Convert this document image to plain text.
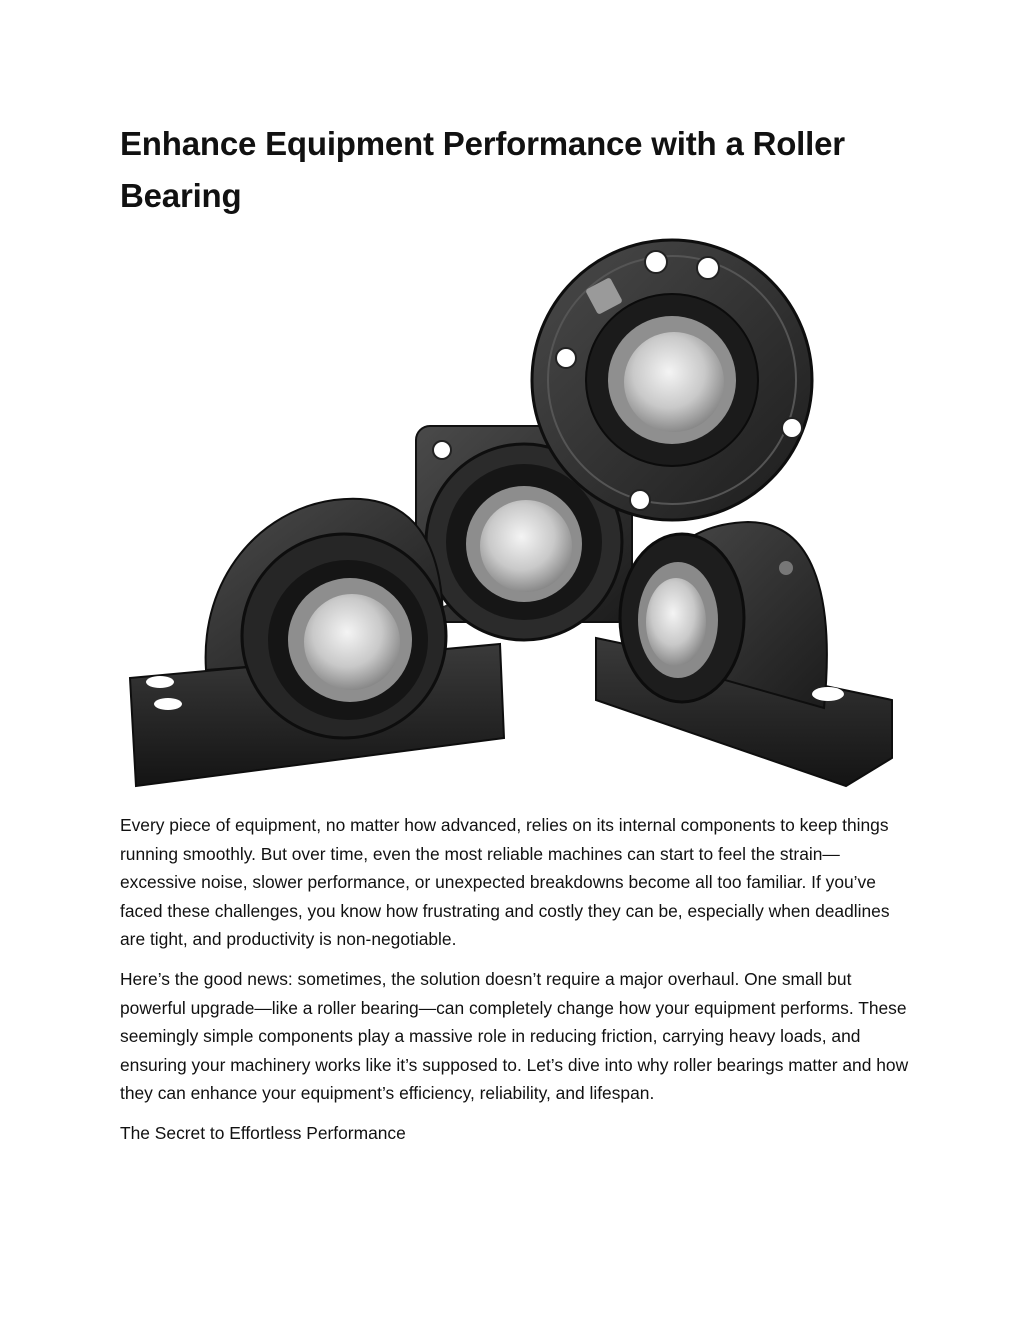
Enhance Equipment Performance with a Roller Bearing

Every piece of equipment, no matter how advanced, relies on its internal components to keep things running smoothly. But over time, even the most reliable machines can start to feel the strain—excessive noise, slower performance, or unexpected breakdowns become all too familiar. If you’ve faced these challenges, you know how frustrating and costly they can be, especially when deadlines are tight, and productivity is non-negotiable.

Here’s the good news: sometimes, the solution doesn’t require a major overhaul. One small but powerful upgrade—like a roller bearing—can completely change how your equipment performs. These seemingly simple components play a massive role in reducing friction, carrying heavy loads, and ensuring your machinery works like it’s supposed to. Let’s dive into why roller bearings matter and how they can enhance your equipment’s efficiency, reliability, and lifespan.

The Secret to Effortless Performance
